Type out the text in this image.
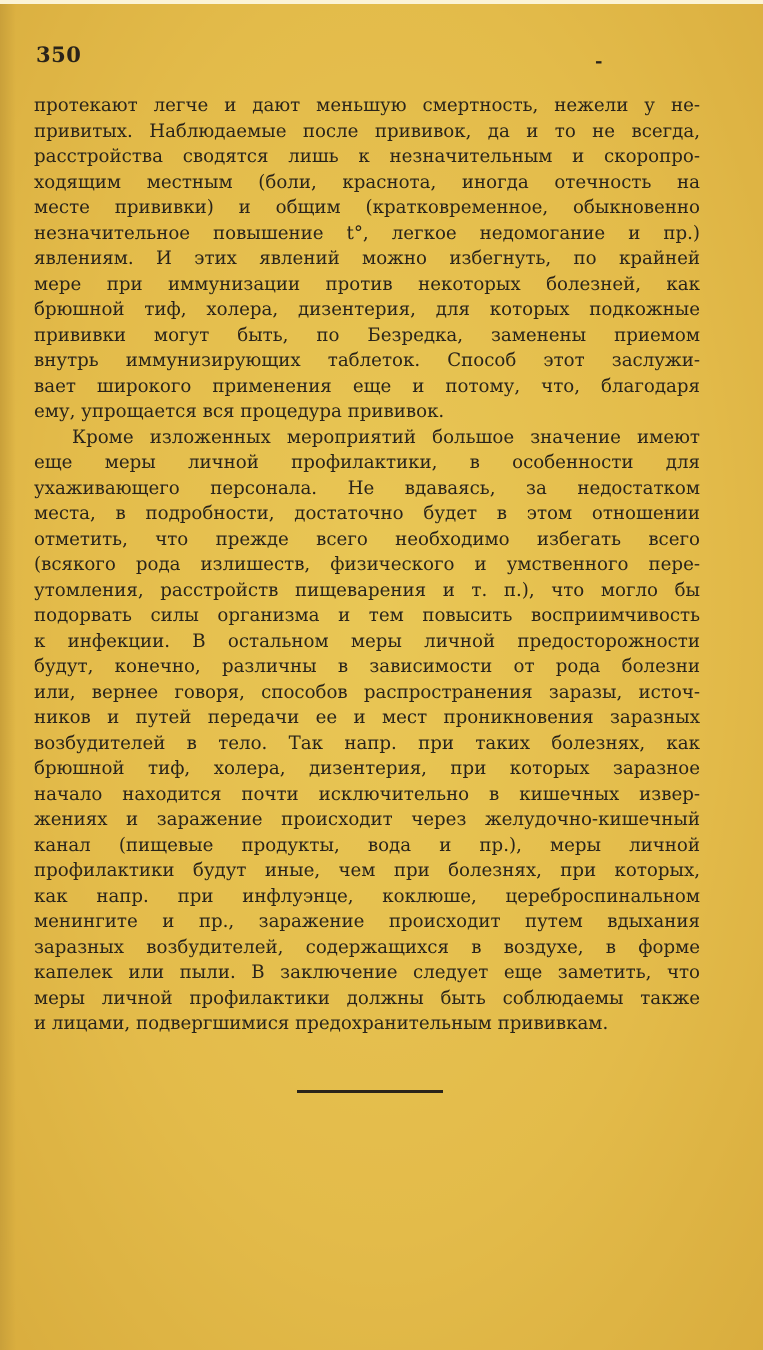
350	-
протекают легче и дают меньшую смертность, нежели у не-
привитых. Наблюдаемые после прививок, да и то не всегда,
расстройства сводятся лишь к незначительным и скоропро-
ходящим местным (боли, краснота, иногда отечность на
месте прививки) и общим (кратковременное, обыкновенно
незначительное повышение t°, легкое недомогание и пр.)
явлениям. И этих явлений можно избегнуть, по крайней
мере при иммунизации против некоторых болезней, как
брюшной тиф, холера, дизентерия, для которых подкожные
прививки могут быть, по Безредка, заменены приемом
внутрь иммунизирующих таблеток. Способ этот заслужи-
вает широкого применения еще и потому, что, благодаря
ему, упрощается вся процедура прививок.
Кроме изложенных мероприятий большое значение имеют
еще меры личной профилактики, в особенности для
ухаживающего персонала. Не вдаваясь, за недостатком
места, в подробности, достаточно будет в этом отношении
отметить, что прежде всего необходимо избегать всего
(всякого рода излишеств, физического и умственного пере-
утомления, расстройств пищеварения и т. п.), что могло бы
подорвать силы организма и тем повысить восприимчивость
к инфекции. В остальном меры личной предосторожности
будут, конечно, различны в зависимости от рода болезни
или, вернее говоря, способов распространения заразы, источ-
ников и путей передачи ее и мест проникновения заразных
возбудителей в тело. Так напр. при таких болезнях, как
брюшной тиф, холера, дизентерия, при которых заразное
начало находится почти исключительно в кишечных извер-
жениях и заражение происходит через желудочно-кишечный
канал (пищевые продукты, вода и пр.), меры личной
профилактики будут иные, чем при болезнях, при которых,
как напр. при инфлуэнце, коклюше, цереброспинальном
менингите и пр., заражение происходит путем вдыхания
заразных возбудителей, содержащихся в воздухе, в форме
капелек или пыли. В заключение следует еще заметить, что
меры личной профилактики должны быть соблюдаемы также
и лицами, подвергшимися предохранительным прививкам.
